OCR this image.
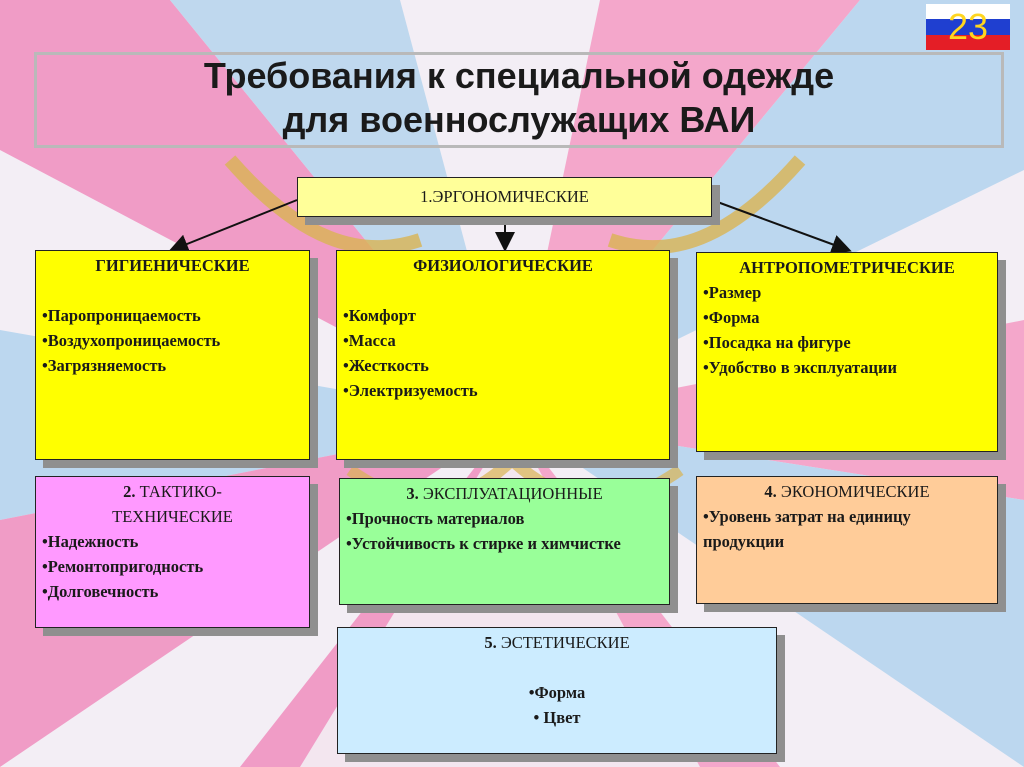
23
Требования к специальной одежде
для военнослужащих ВАИ
1.ЭРГОНОМИЧЕСКИЕ
ГИГИЕНИЧЕСКИЕ
•Паропроницаемость
•Воздухопроницаемость
•Загрязняемость
ФИЗИОЛОГИЧЕСКИЕ
•Комфорт
•Масса
•Жесткость
•Электризуемость
АНТРОПОМЕТРИЧЕСКИЕ
•Размер
•Форма
•Посадка на фигуре
•Удобство в эксплуатации
2. ТАКТИКО-
ТЕХНИЧЕСКИЕ
•Надежность
•Ремонтопригодность
•Долговечность
3. ЭКСПЛУАТАЦИОННЫЕ
•Прочность материалов
•Устойчивость к стирке и химчистке
4. ЭКОНОМИЧЕСКИЕ
•Уровень затрат на единицу продукции
5. ЭСТЕТИЧЕСКИЕ
•Форма
• Цвет
